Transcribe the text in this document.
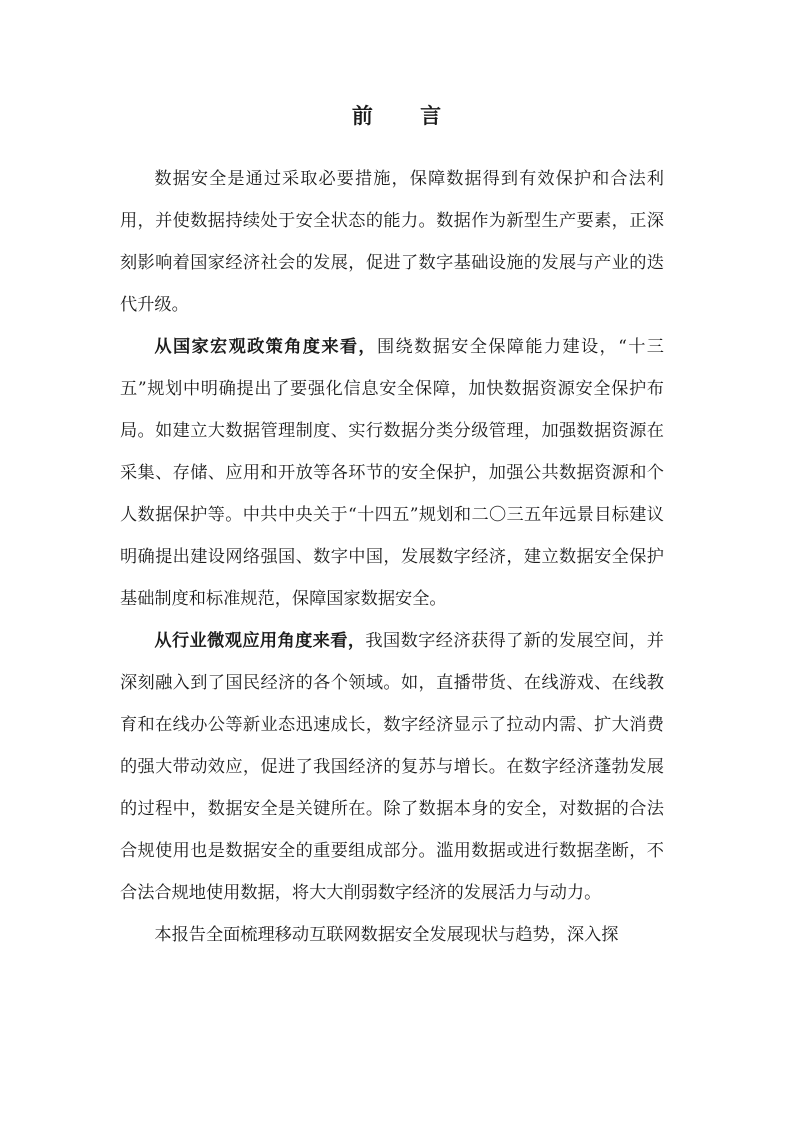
前 言

数据安全是通过采取必要措施，保障数据得到有效保护和合法利用，并使数据持续处于安全状态的能力。数据作为新型生产要素，正深刻影响着国家经济社会的发展，促进了数字基础设施的发展与产业的迭代升级。

从国家宏观政策角度来看，围绕数据安全保障能力建设，“十三五”规划中明确提出了要强化信息安全保障，加快数据资源安全保护布局。如建立大数据管理制度、实行数据分类分级管理，加强数据资源在采集、存储、应用和开放等各环节的安全保护，加强公共数据资源和个人数据保护等。中共中央关于“十四五”规划和二〇三五年远景目标建议明确提出建设网络强国、数字中国，发展数字经济，建立数据安全保护基础制度和标准规范，保障国家数据安全。

从行业微观应用角度来看，我国数字经济获得了新的发展空间，并深刻融入到了国民经济的各个领域。如，直播带货、在线游戏、在线教育和在线办公等新业态迅速成长，数字经济显示了拉动内需、扩大消费的强大带动效应，促进了我国经济的复苏与增长。在数字经济蓬勃发展的过程中，数据安全是关键所在。除了数据本身的安全，对数据的合法合规使用也是数据安全的重要组成部分。滥用数据或进行数据垄断，不合法合规地使用数据，将大大削弱数字经济的发展活力与动力。

本报告全面梳理移动互联网数据安全发展现状与趋势，深入探
